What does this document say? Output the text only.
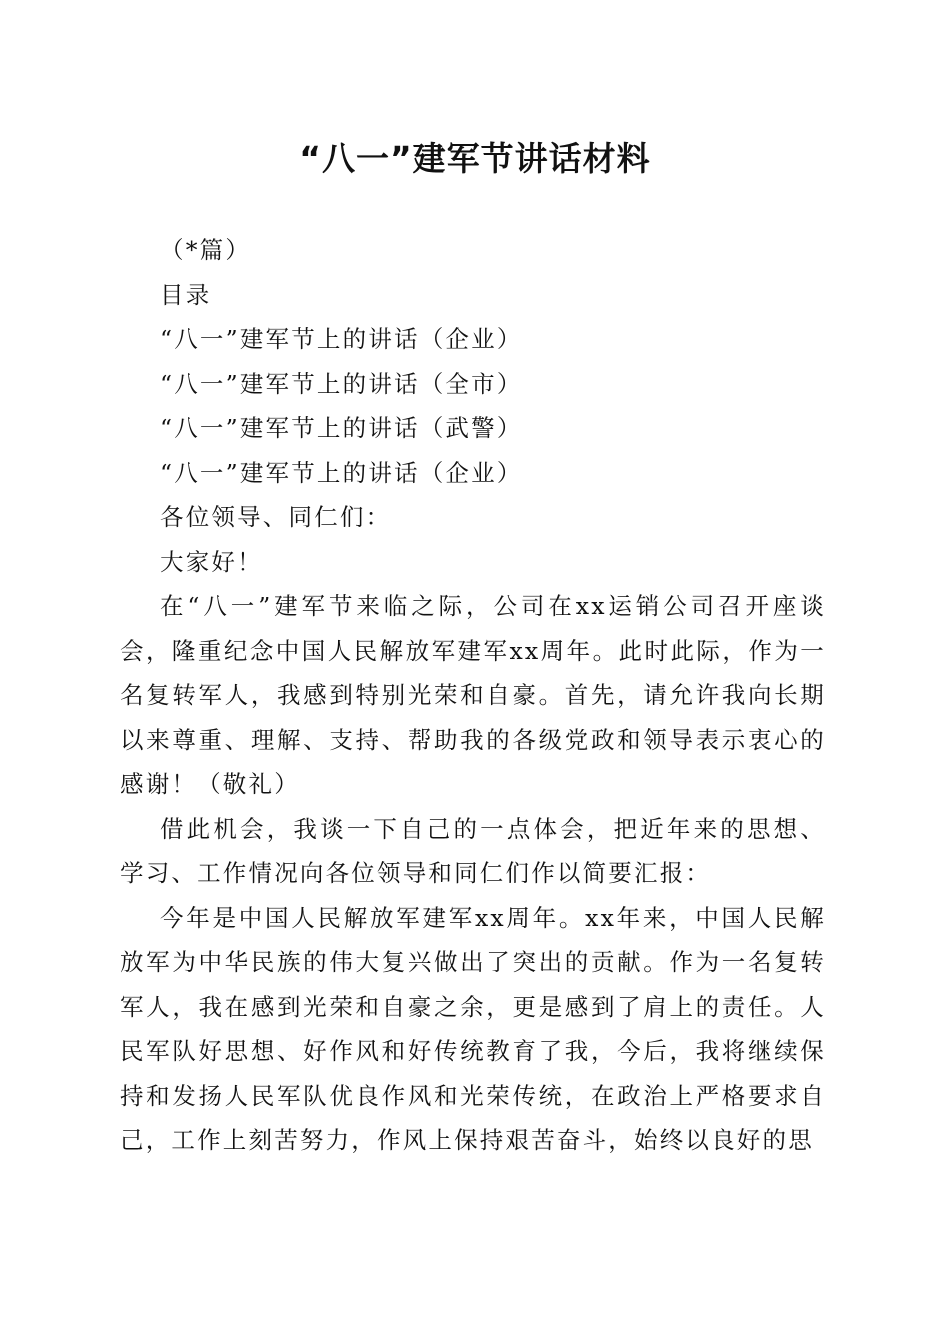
“八一”建军节讲话材料

（*篇）

目录

“八一”建军节上的讲话（企业）

“八一”建军节上的讲话（全市）

“八一”建军节上的讲话（武警）

“八一”建军节上的讲话（企业）

各位领导、同仁们：

大家好！

在“八一”建军节来临之际，公司在xx运销公司召开座谈会，隆重纪念中国人民解放军建军xx周年。此时此际，作为一名复转军人，我感到特别光荣和自豪。首先，请允许我向长期以来尊重、理解、支持、帮助我的各级党政和领导表示衷心的感谢！（敬礼）

借此机会，我谈一下自己的一点体会，把近年来的思想、学习、工作情况向各位领导和同仁们作以简要汇报：

今年是中国人民解放军建军xx周年。xx年来，中国人民解放军为中华民族的伟大复兴做出了突出的贡献。作为一名复转军人，我在感到光荣和自豪之余，更是感到了肩上的责任。人民军队好思想、好作风和好传统教育了我，今后，我将继续保持和发扬人民军队优良作风和光荣传统，在政治上严格要求自己，工作上刻苦努力，作风上保持艰苦奋斗，始终以良好的思
